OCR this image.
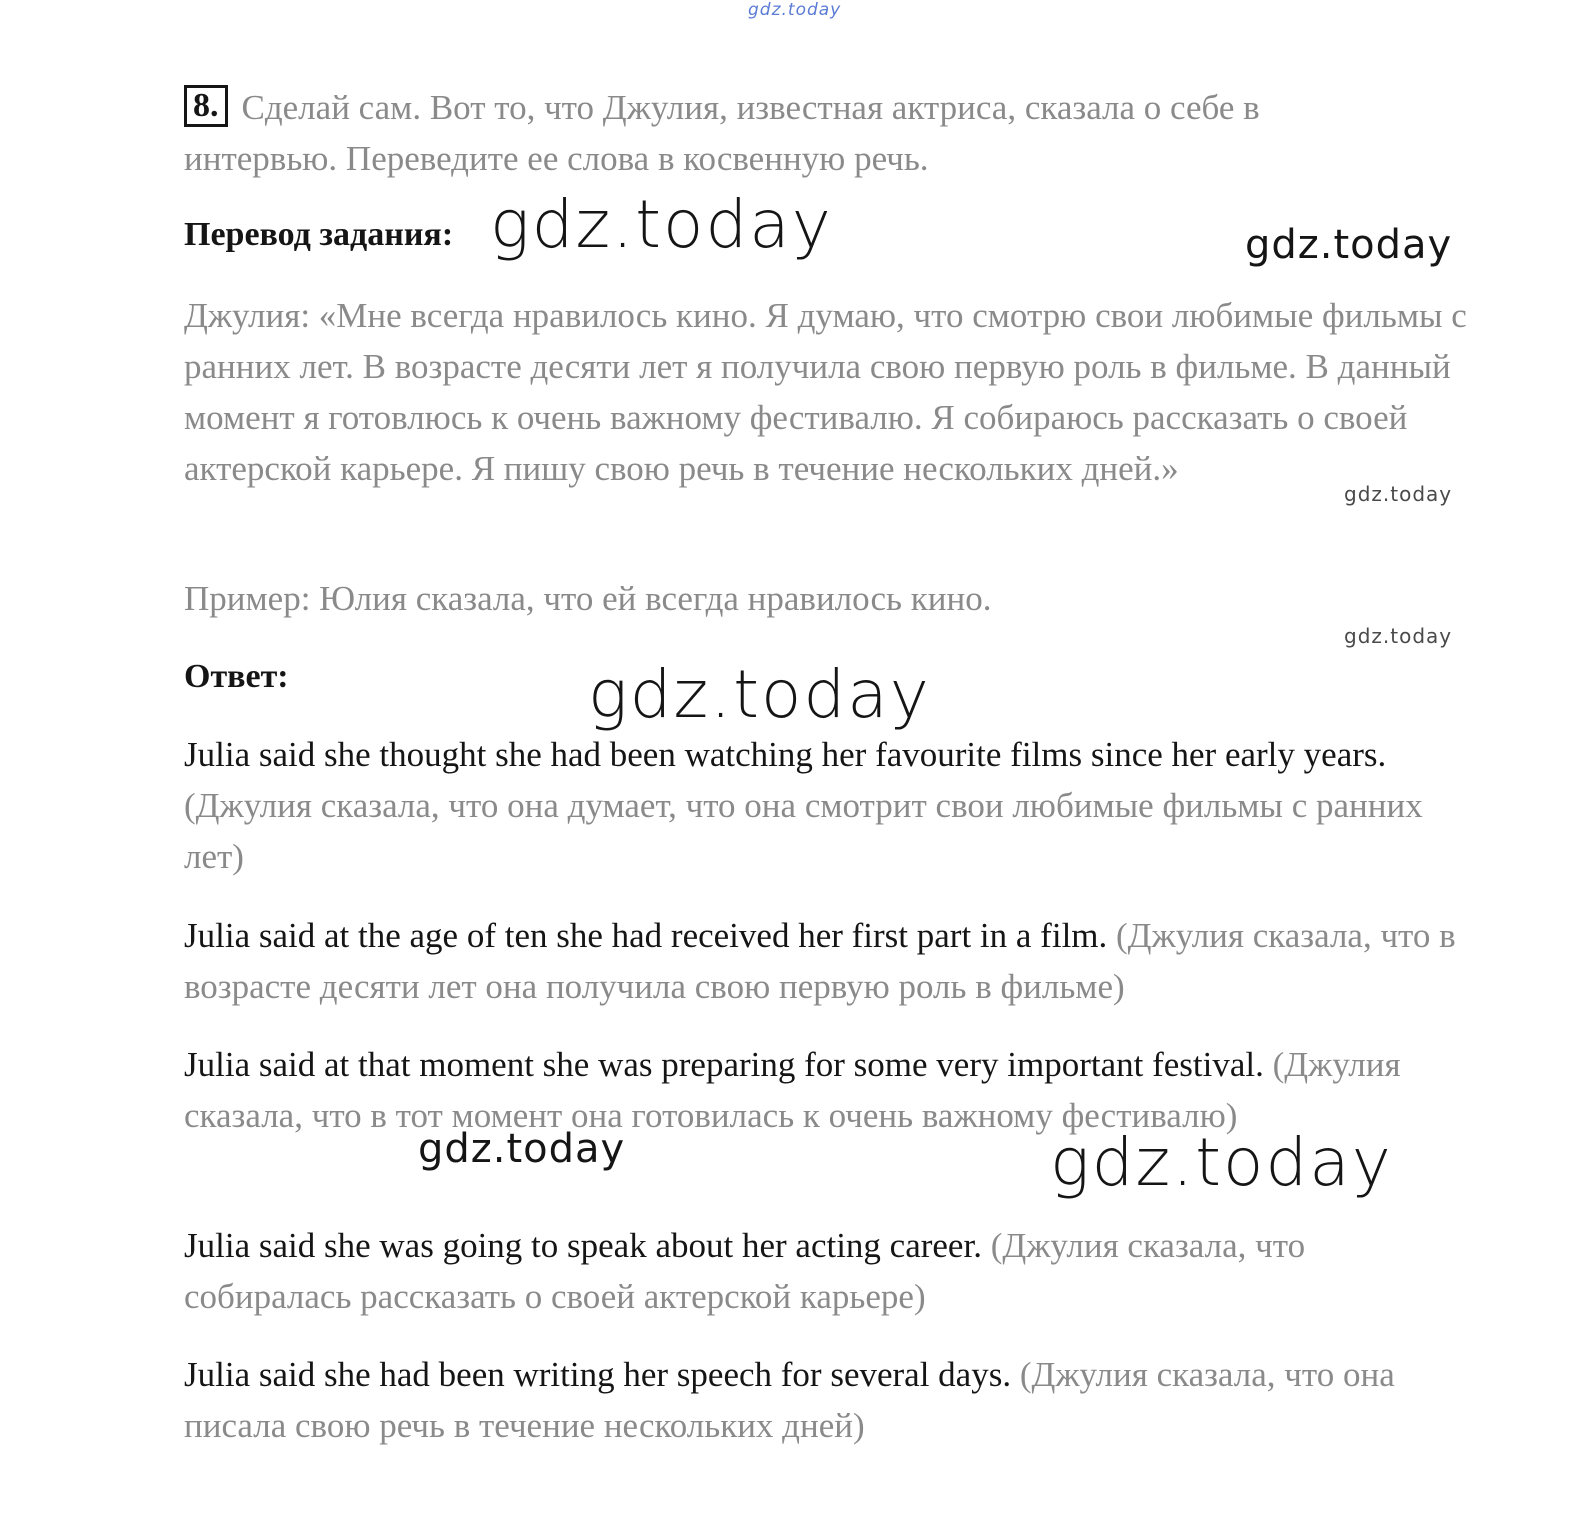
gdz.today
gdz.today	gdz.today
gdz.today
gdz.today
gdz.today
gdz.today	gdz.today
8. Сделай сам. Вот то, что Джулия, известная актриса, сказала о себе в интервью. Переведите ее слова в косвенную речь.
Перевод задания:
Джулия: «Мне всегда нравилось кино. Я думаю, что смотрю свои любимые фильмы с ранних лет. В возрасте десяти лет я получила свою первую роль в фильме. В данный момент я готовлюсь к очень важному фестивалю. Я собираюсь рассказать о своей актерской карьере. Я пишу свою речь в течение нескольких дней.»
Пример: Юлия сказала, что ей всегда нравилось кино.
Ответ:
Julia said she thought she had been watching her favourite films since her early years. (Джулия сказала, что она думает, что она смотрит свои любимые фильмы с ранних лет)
Julia said at the age of ten she had received her first part in a film. (Джулия сказала, что в возрасте десяти лет она получила свою первую роль в фильме)
Julia said at that moment she was preparing for some very important festival. (Джулия сказала, что в тот момент она готовилась к очень важному фестивалю)
Julia said she was going to speak about her acting career. (Джулия сказала, что собиралась рассказать о своей актерской карьере)
Julia said she had been writing her speech for several days. (Джулия сказала, что она писала свою речь в течение нескольких дней)
